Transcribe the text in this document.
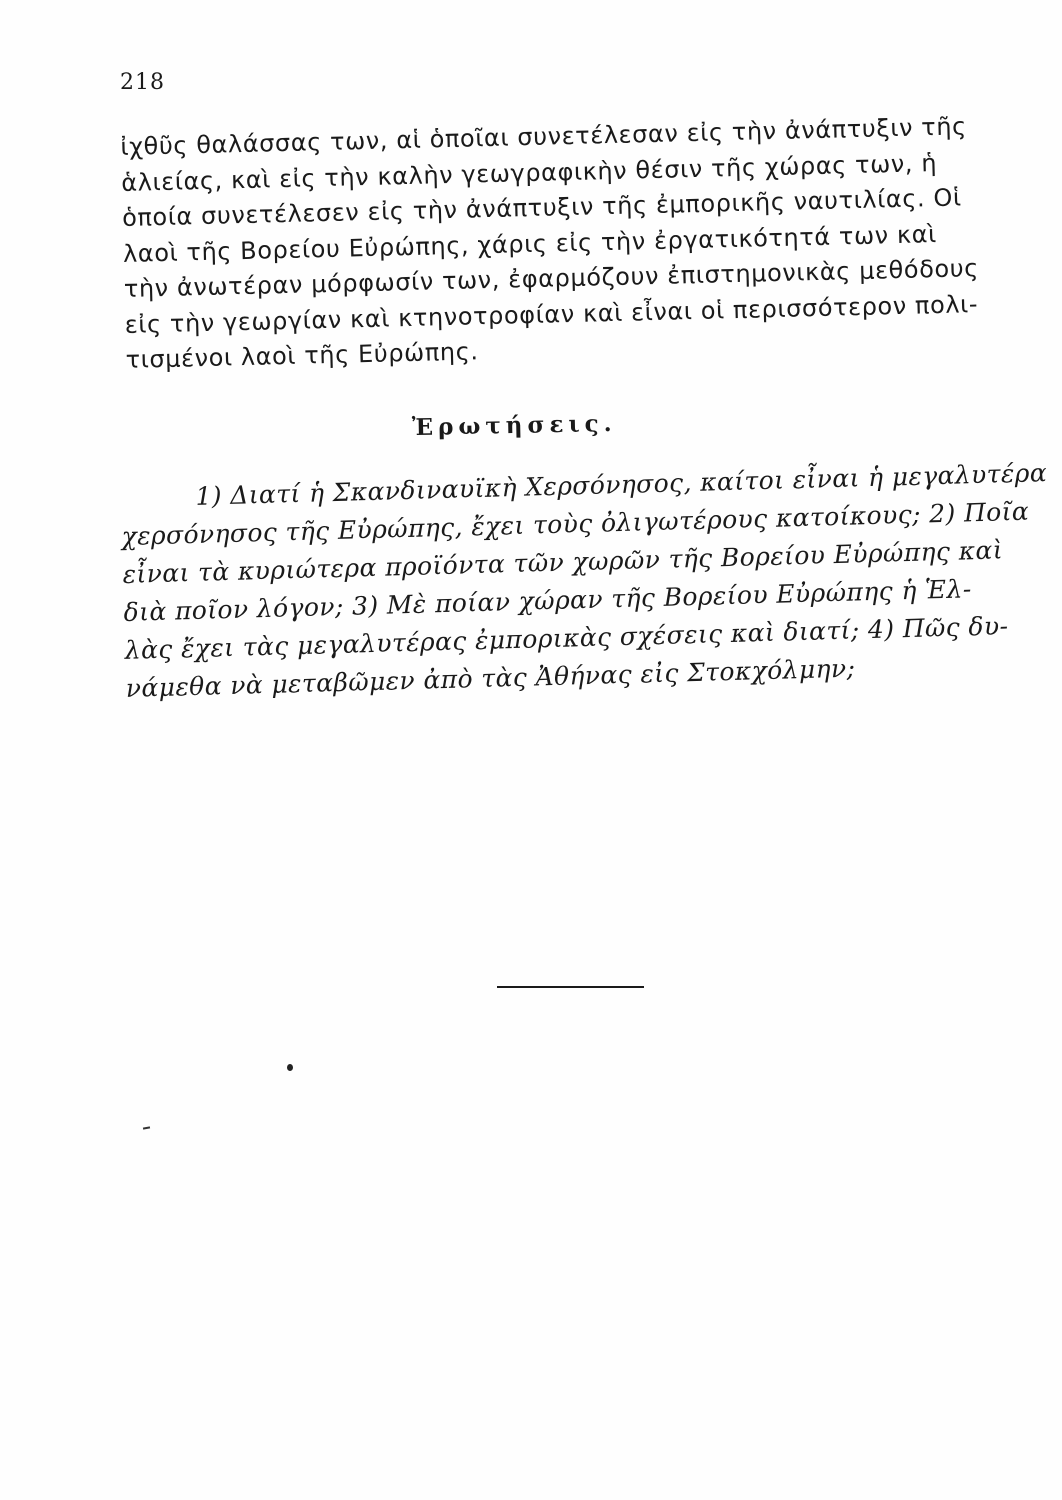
218
ἰχθῦς θαλάσσας των, αἱ ὁποῖαι συνετέλεσαν εἰς τὴν ἀνάπτυξιν τῆς
ἁλιείας, καὶ εἰς τὴν καλὴν γεωγραφικὴν θέσιν τῆς χώρας των, ἡ
ὁποία συνετέλεσεν εἰς τὴν ἀνάπτυξιν τῆς ἐμπορικῆς ναυτιλίας. Οἱ
λαοὶ τῆς Βορείου Εὐρώπης, χάρις εἰς τὴν ἐργατικότητά των καὶ
τὴν ἀνωτέραν μόρφωσίν των, ἐφαρμόζουν ἐπιστημονικὰς μεθόδους
εἰς τὴν γεωργίαν καὶ κτηνοτροφίαν καὶ εἶναι οἱ περισσότερον πολι-
τισμένοι λαοὶ τῆς Εὐρώπης.
Ἐρωτήσεις.
1) Διατί ἡ Σκανδιναυϊκὴ Χερσόνησος, καίτοι εἶναι ἡ μεγαλυτέρα
χερσόνησος τῆς Εὐρώπης, ἔχει τοὺς ὀλιγωτέρους κατοίκους; 2) Ποῖα
εἶναι τὰ κυριώτερα προϊόντα τῶν χωρῶν τῆς Βορείου Εὐρώπης καὶ
διὰ ποῖον λόγον; 3) Μὲ ποίαν χώραν τῆς Βορείου Εὐρώπης ἡ Ἑλ-
λὰς ἔχει τὰς μεγαλυτέρας ἐμπορικὰς σχέσεις καὶ διατί; 4) Πῶς δυ-
νάμεθα νὰ μεταβῶμεν ἀπὸ τὰς Ἀθήνας εἰς Στοκχόλμην;
